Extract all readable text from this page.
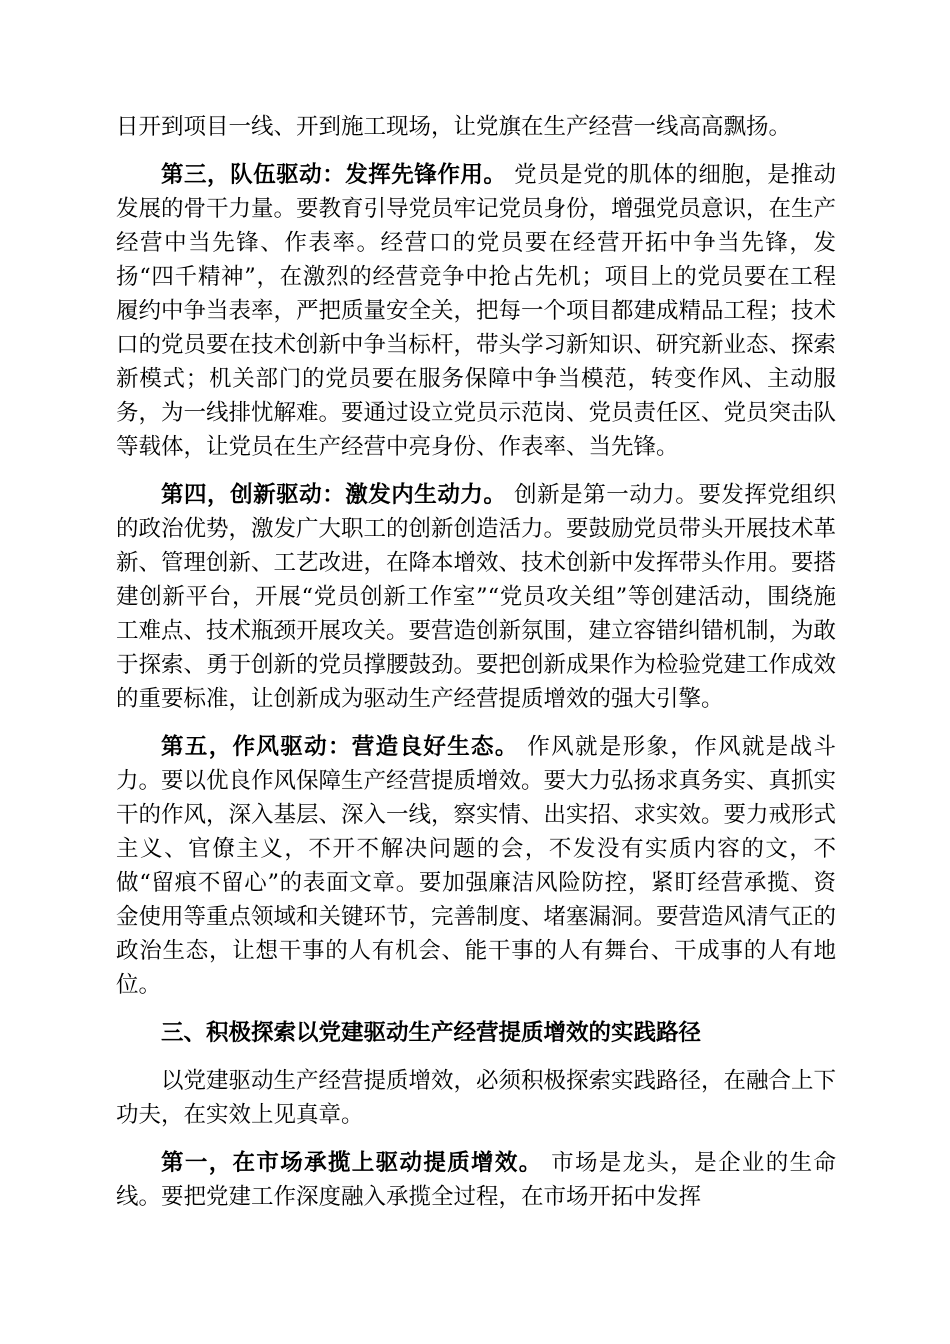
日开到项目一线、开到施工现场，让党旗在生产经营一线高高飘扬。

第三，队伍驱动：发挥先锋作用。 党员是党的肌体的细胞，是推动发展的骨干力量。要教育引导党员牢记党员身份，增强党员意识，在生产经营中当先锋、作表率。经营口的党员要在经营开拓中争当先锋，发扬“四千精神”，在激烈的经营竞争中抢占先机；项目上的党员要在工程履约中争当表率，严把质量安全关，把每一个项目都建成精品工程；技术口的党员要在技术创新中争当标杆，带头学习新知识、研究新业态、探索新模式；机关部门的党员要在服务保障中争当模范，转变作风、主动服务，为一线排忧解难。要通过设立党员示范岗、党员责任区、党员突击队等载体，让党员在生产经营中亮身份、作表率、当先锋。

第四，创新驱动：激发内生动力。 创新是第一动力。要发挥党组织的政治优势，激发广大职工的创新创造活力。要鼓励党员带头开展技术革新、管理创新、工艺改进，在降本增效、技术创新中发挥带头作用。要搭建创新平台，开展“党员创新工作室”“党员攻关组”等创建活动，围绕施工难点、技术瓶颈开展攻关。要营造创新氛围，建立容错纠错机制，为敢于探索、勇于创新的党员撑腰鼓劲。要把创新成果作为检验党建工作成效的重要标准，让创新成为驱动生产经营提质增效的强大引擎。

第五，作风驱动：营造良好生态。 作风就是形象，作风就是战斗力。要以优良作风保障生产经营提质增效。要大力弘扬求真务实、真抓实干的作风，深入基层、深入一线，察实情、出实招、求实效。要力戒形式主义、官僚主义，不开不解决问题的会，不发没有实质内容的文，不做“留痕不留心”的表面文章。要加强廉洁风险防控，紧盯经营承揽、资金使用等重点领域和关键环节，完善制度、堵塞漏洞。要营造风清气正的政治生态，让想干事的人有机会、能干事的人有舞台、干成事的人有地位。

三、积极探索以党建驱动生产经营提质增效的实践路径

以党建驱动生产经营提质增效，必须积极探索实践路径，在融合上下功夫，在实效上见真章。

第一，在市场承揽上驱动提质增效。 市场是龙头，是企业的生命线。要把党建工作深度融入承揽全过程，在市场开拓中发挥
